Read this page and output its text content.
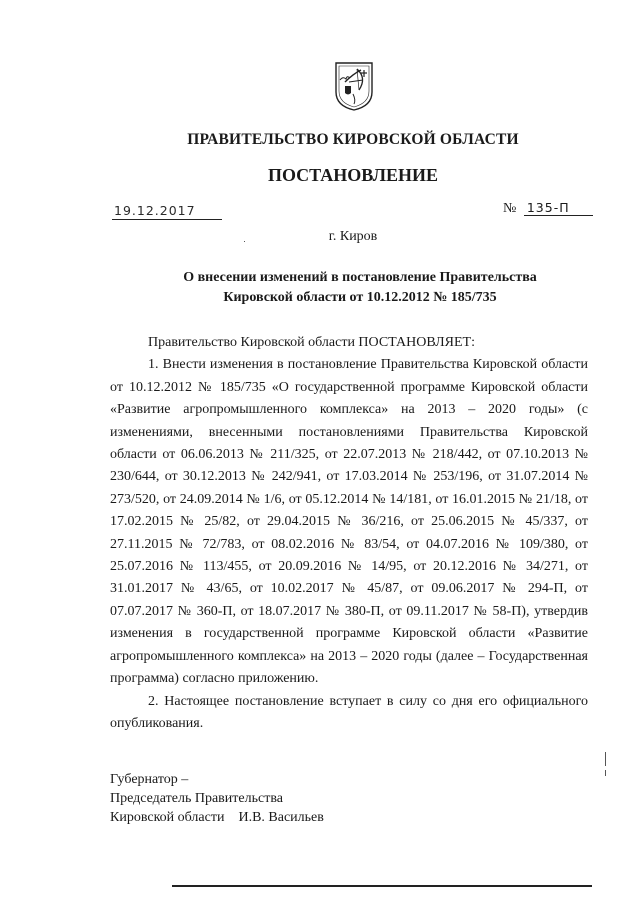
ПРАВИТЕЛЬСТВО КИРОВСКОЙ ОБЛАСТИ
ПОСТАНОВЛЕНИЕ
19.12.2017	№ 135-П
г. Киров
О внесении изменений в постановление Правительства
Кировской области от 10.12.2012 № 185/735

Правительство Кировской области ПОСТАНОВЛЯЕТ:

1. Внести изменения в постановление Правительства Кировской области от 10.12.2012 № 185/735 «О государственной программе Кировской области «Развитие агропромышленного комплекса» на 2013 – 2020 годы» (с изменениями, внесенными постановлениями Правительства Кировской области от 06.06.2013 № 211/325, от 22.07.2013 № 218/442, от 07.10.2013 № 230/644, от 30.12.2013 № 242/941, от 17.03.2014 № 253/196, от 31.07.2014 № 273/520, от 24.09.2014 № 1/6, от 05.12.2014 № 14/181, от 16.01.2015 № 21/18, от 17.02.2015 № 25/82, от 29.04.2015 № 36/216, от 25.06.2015 № 45/337, от 27.11.2015 № 72/783, от 08.02.2016 № 83/54, от 04.07.2016 № 109/380, от 25.07.2016 № 113/455, от 20.09.2016 № 14/95, от 20.12.2016 № 34/271, от 31.01.2017 № 43/65, от 10.02.2017 № 45/87, от 09.06.2017 № 294-П, от 07.07.2017 № 360-П, от 18.07.2017 № 380-П, от 09.11.2017 № 58-П), утвердив изменения в государственной программе Кировской области «Развитие агропромышленного комплекса» на 2013 – 2020 годы (далее – Государственная программа) согласно приложению.

2. Настоящее постановление вступает в силу со дня его официального опубликования.

Губернатор –
Председатель Правительства
Кировской области И.В. Васильев
